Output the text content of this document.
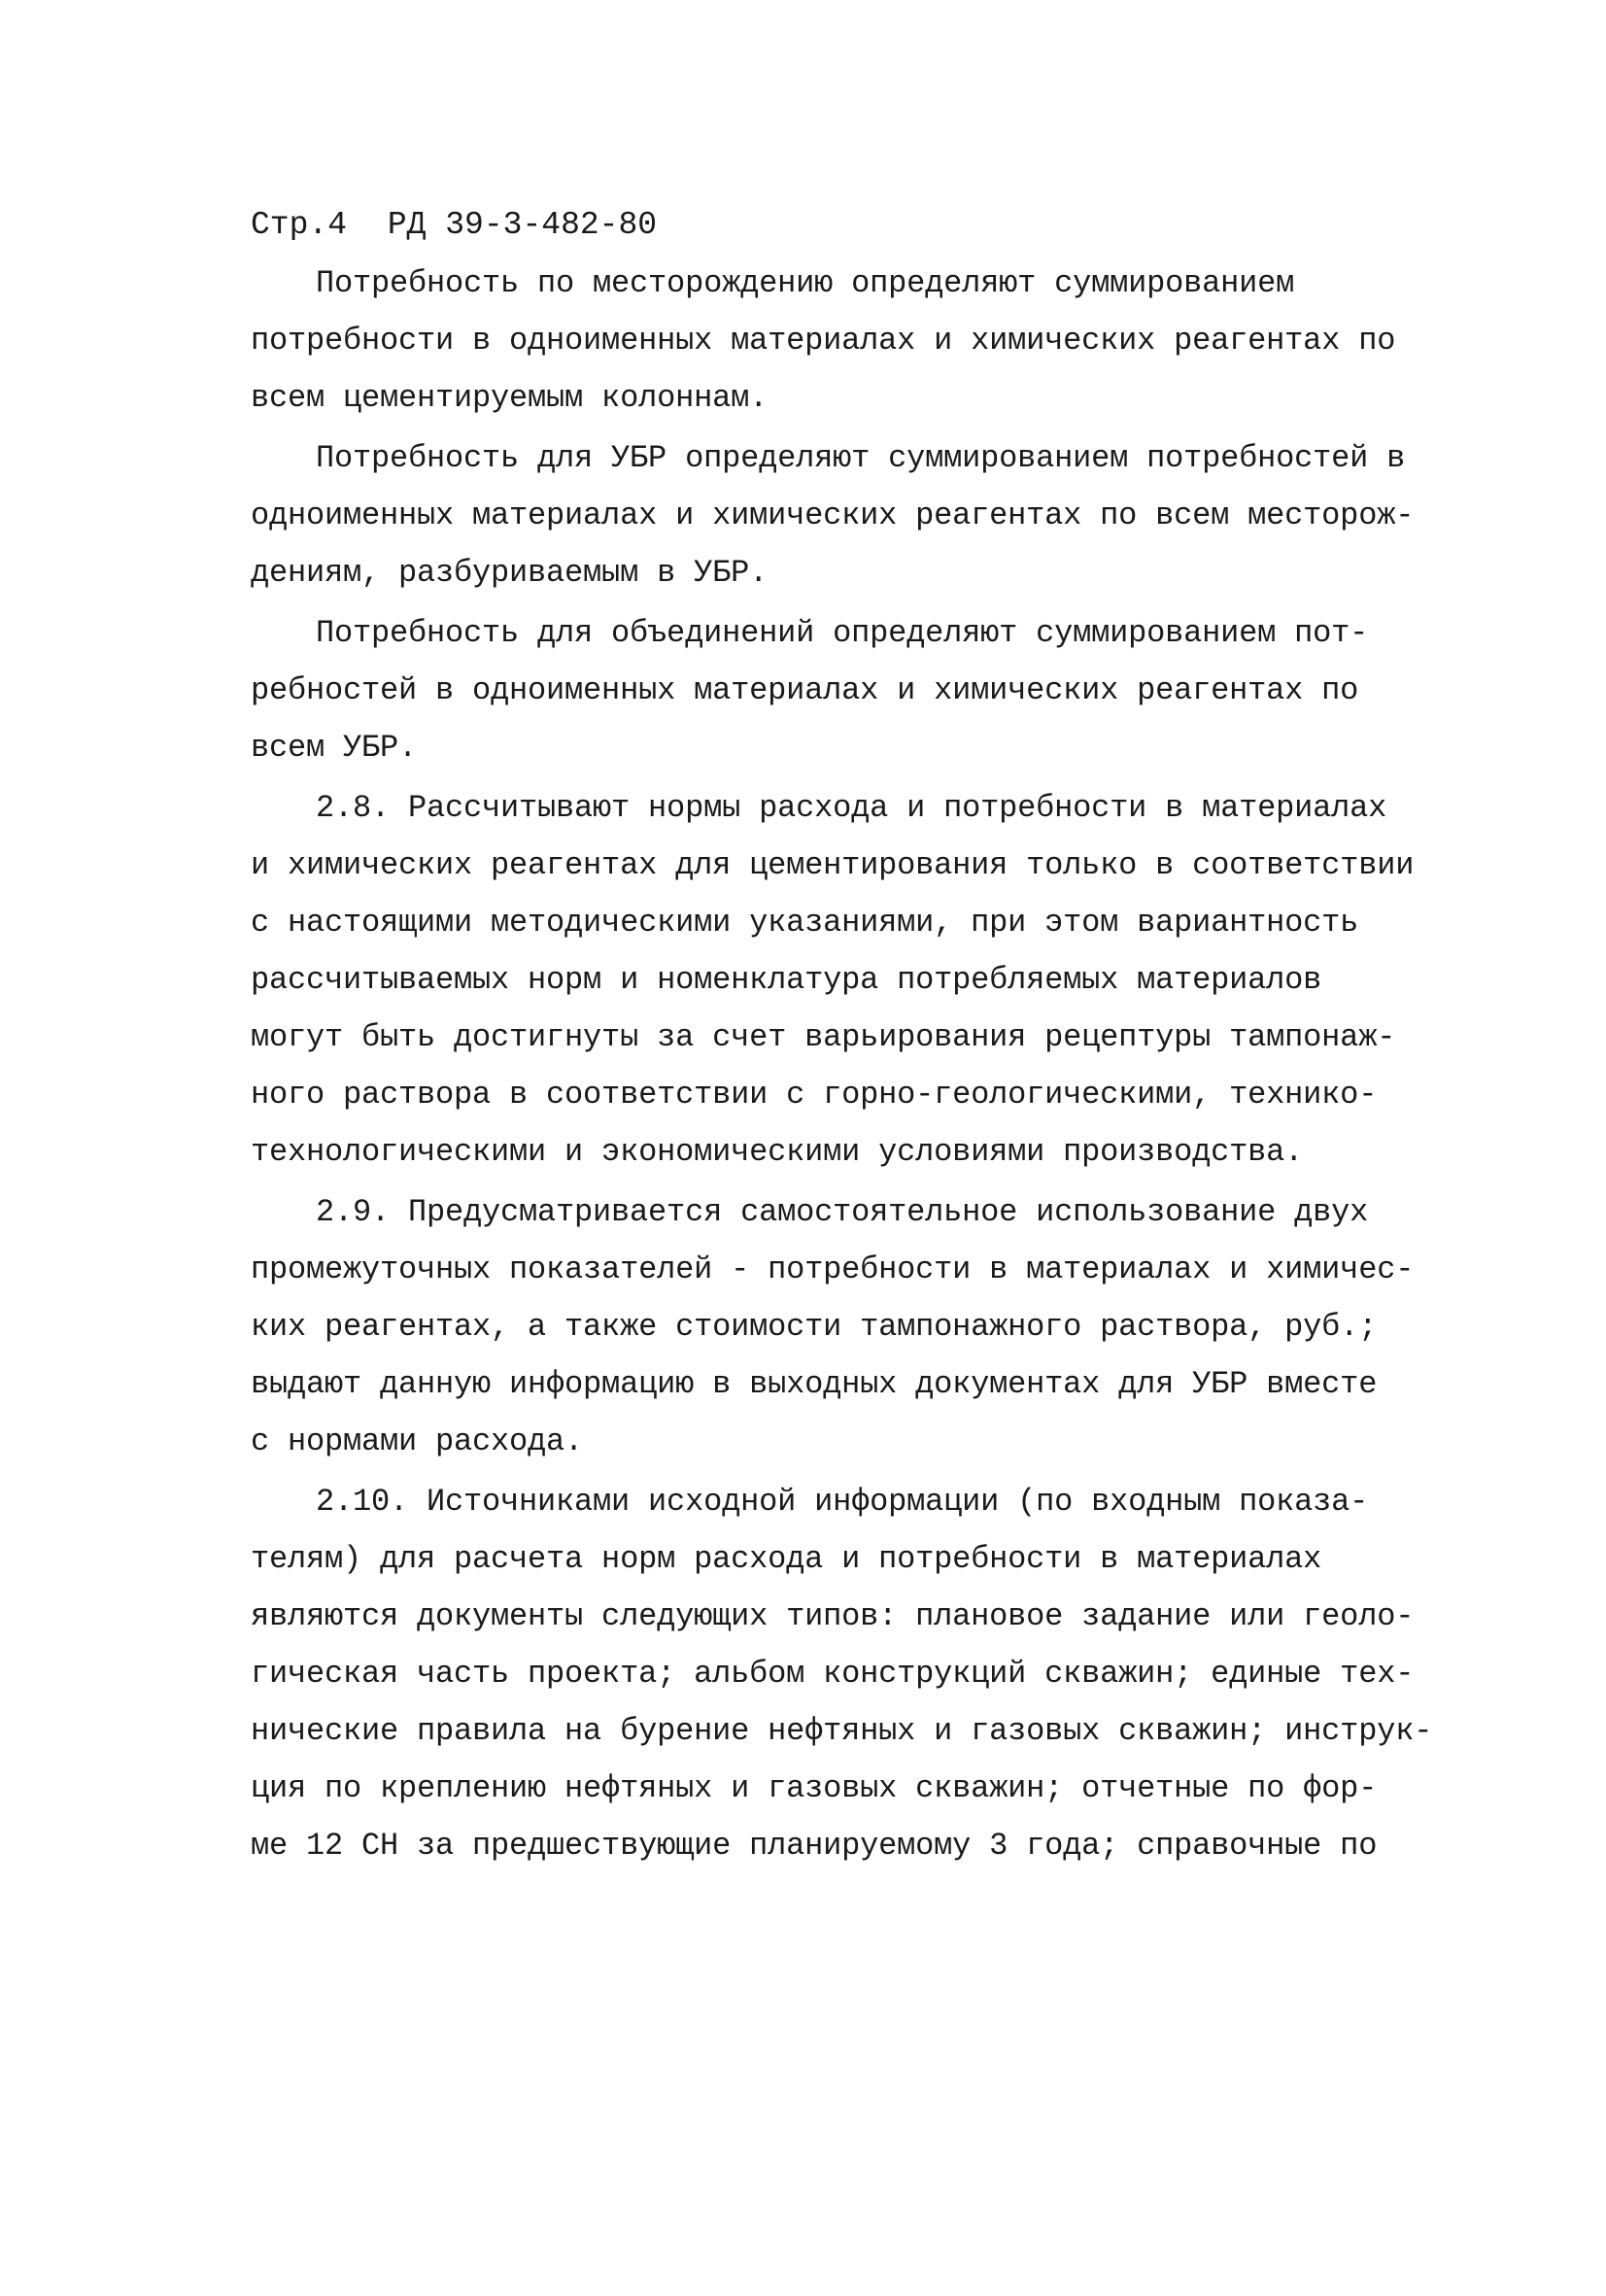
Стр.4 РД 39-3-482-80
Потребность по месторождению определяют суммированием
потребности в одноименных материалах и химических реагентах по
всем цементируемым колоннам.
Потребность для УБР определяют суммированием потребностей в
одноименных материалах и химических реагентах по всем месторож-
дениям, разбуриваемым в УБР.
Потребность для объединений определяют суммированием пот-
ребностей в одноименных материалах и химических реагентах по
всем УБР.
2.8. Рассчитывают нормы расхода и потребности в материалах
и химических реагентах для цементирования только в соответствии
с настоящими методическими указаниями, при этом вариантность
рассчитываемых норм и номенклатура потребляемых материалов
могут быть достигнуты за счет варьирования рецептуры тампонаж-
ного раствора в соответствии с горно-геологическими, технико-
технологическими и экономическими условиями производства.
2.9. Предусматривается самостоятельное использование двух
промежуточных показателей - потребности в материалах и химичес-
ких реагентах, а также стоимости тампонажного раствора, руб.;
выдают данную информацию в выходных документах для УБР вместе
с нормами расхода.
2.10. Источниками исходной информации (по входным показа-
телям) для расчета норм расхода и потребности в материалах
являются документы следующих типов: плановое задание или геоло-
гическая часть проекта; альбом конструкций скважин; единые тех-
нические правила на бурение нефтяных и газовых скважин; инструк-
ция по креплению нефтяных и газовых скважин; отчетные по фор-
ме 12 СН за предшествующие планируемому 3 года; справочные по
